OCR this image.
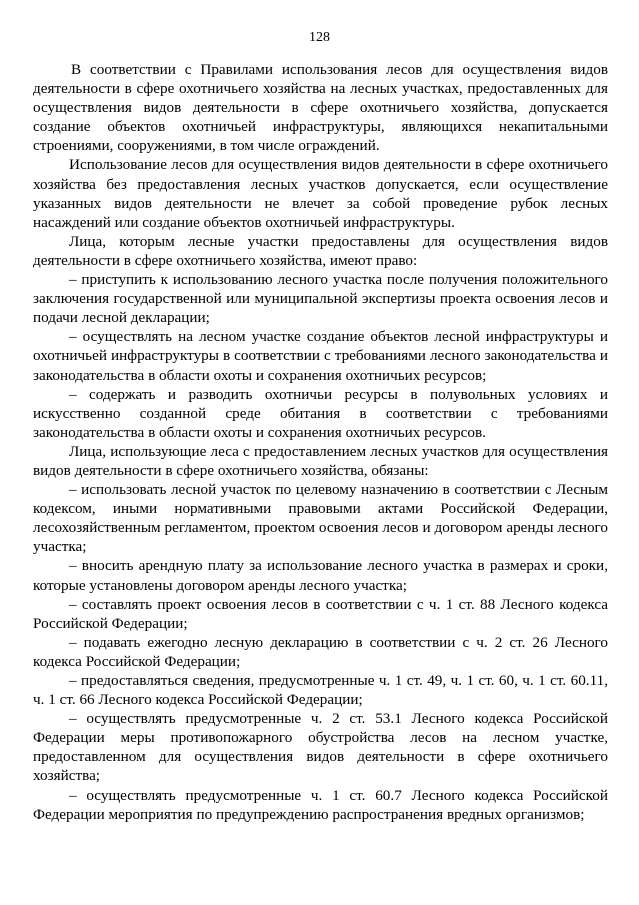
128

В соответствии с Правилами использования лесов для осуществления видов деятельности в сфере охотничьего хозяйства на лесных участках, предоставленных для осуществления видов деятельности в сфере охотничьего хозяйства, допускается создание объектов охотничьей инфраструктуры, являющихся некапитальными строениями, сооружениями, в том числе ограждений.

Использование лесов для осуществления видов деятельности в сфере охотничьего хозяйства без предоставления лесных участков допускается, если осуществление указанных видов деятельности не влечет за собой проведение рубок лесных насаждений или создание объектов охотничьей инфраструктуры.

Лица, которым лесные участки предоставлены для осуществления видов деятельности в сфере охотничьего хозяйства, имеют право:

– приступить к использованию лесного участка после получения положительного заключения государственной или муниципальной экспертизы проекта освоения лесов и подачи лесной декларации;

– осуществлять на лесном участке создание объектов лесной инфраструктуры и охотничьей инфраструктуры в соответствии с требованиями лесного законодательства и законодательства в области охоты и сохранения охотничьих ресурсов;

– содержать и разводить охотничьи ресурсы в полувольных условиях и искусственно созданной среде обитания в соответствии с требованиями законодательства в области охоты и сохранения охотничьих ресурсов.

Лица, использующие леса с предоставлением лесных участков для осуществления видов деятельности в сфере охотничьего хозяйства, обязаны:

– использовать лесной участок по целевому назначению в соответствии с Лесным кодексом, иными нормативными правовыми актами Российской Федерации, лесохозяйственным регламентом, проектом освоения лесов и договором аренды лесного участка;

– вносить арендную плату за использование лесного участка в размерах и сроки, которые установлены договором аренды лесного участка;

– составлять проект освоения лесов в соответствии с ч. 1 ст. 88 Лесного кодекса Российской Федерации;

– подавать ежегодно лесную декларацию в соответствии с ч. 2 ст. 26 Лесного кодекса Российской Федерации;

– предоставляться сведения, предусмотренные ч. 1 ст. 49, ч. 1 ст. 60, ч. 1 ст. 60.11, ч. 1 ст. 66 Лесного кодекса Российской Федерации;

– осуществлять предусмотренные ч. 2 ст. 53.1 Лесного кодекса Российской Федерации меры противопожарного обустройства лесов на лесном участке, предоставленном для осуществления видов деятельности в сфере охотничьего хозяйства;

– осуществлять предусмотренные ч. 1 ст. 60.7 Лесного кодекса Российской Федерации мероприятия по предупреждению распространения вредных организмов;
